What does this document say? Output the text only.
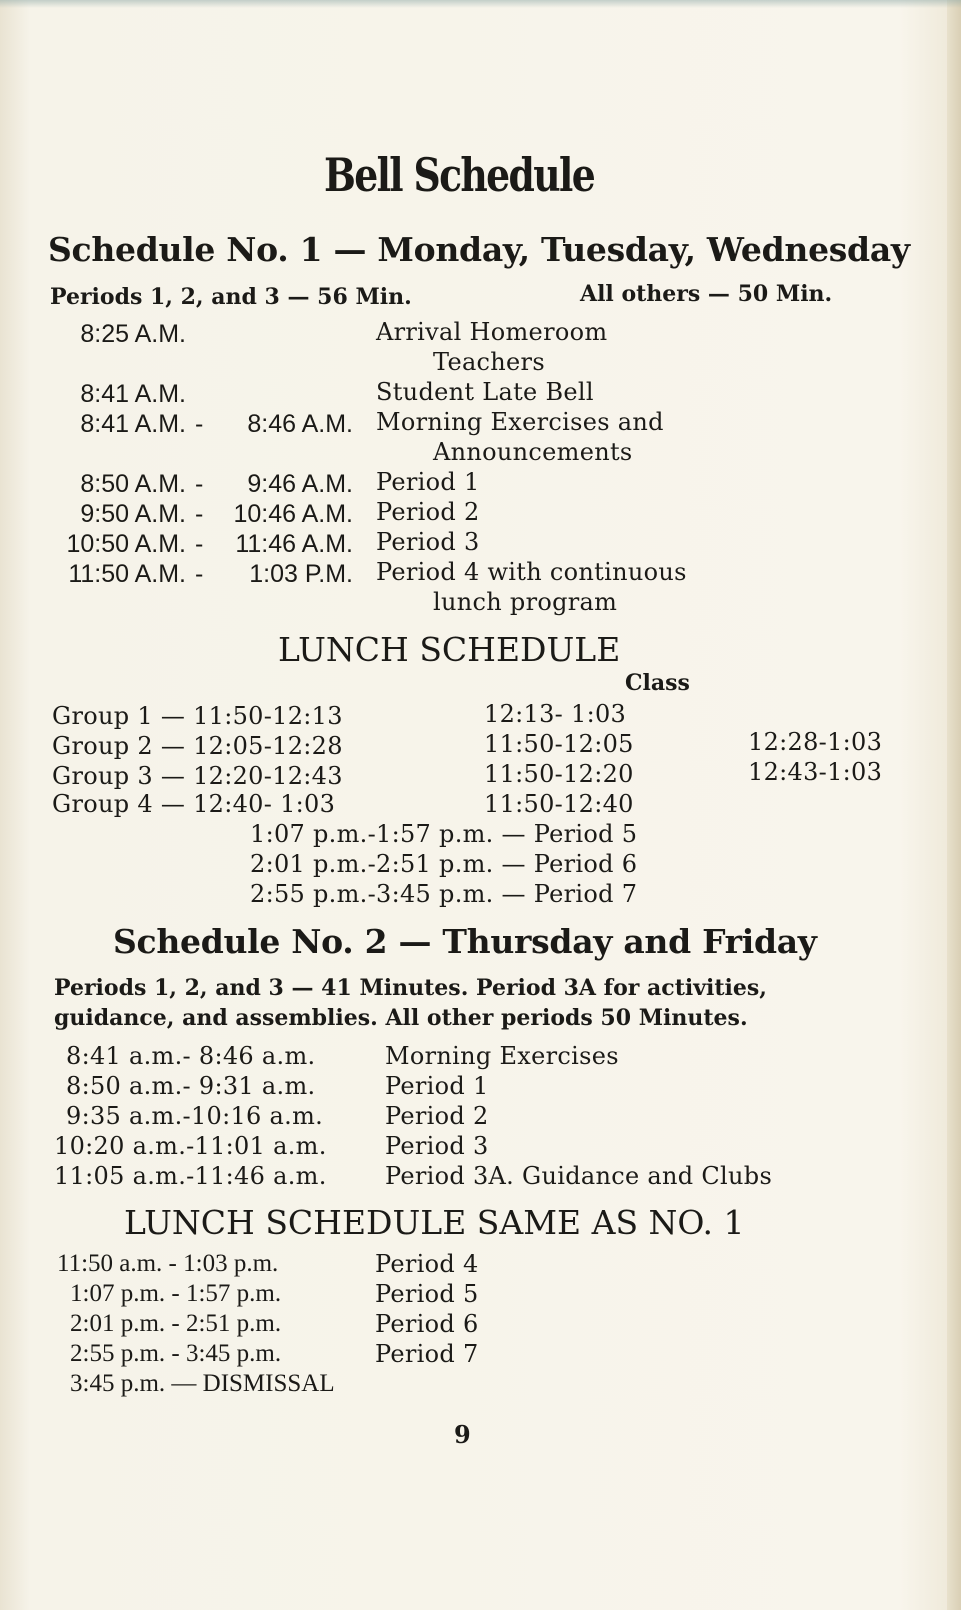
Bell Schedule
Schedule No. 1 — Monday, Tuesday, Wednesday
Periods 1, 2, and 3 — 56 Min.	All others — 50 Min.
8:25 A.M.	Arrival Homeroom
Teachers
8:41 A.M.	Student Late Bell
8:41 A.M. -	8:46 A.M. Morning Exercises and
Announcements
8:50 A.M. -	9:46 A.M. Period 1
9:50 A.M. -	10:46 A.M. Period 2
10:50 A.M. -	11:46 A.M. Period 3
11:50 A.M. -	1:03 P.M. Period 4 with continuous
lunch program
LUNCH SCHEDULE
Class
Group 1 — 11:50-12:13	12:13- 1:03
Group 2 — 12:05-12:28	11:50-12:05	12:28-1:03
Group 3 — 12:20-12:43	11:50-12:20	12:43-1:03
Group 4 — 12:40- 1:03	11:50-12:40
1:07 p.m.-1:57 p.m. — Period 5
2:01 p.m.-2:51 p.m. — Period 6
2:55 p.m.-3:45 p.m. — Period 7
Schedule No. 2 — Thursday and Friday
Periods 1, 2, and 3 — 41 Minutes. Period 3A for activities,
guidance, and assemblies. All other periods 50 Minutes.
8:41 a.m.- 8:46 a.m.	Morning Exercises
8:50 a.m.- 9:31 a.m.	Period 1
9:35 a.m.-10:16 a.m.	Period 2
10:20 a.m.-11:01 a.m. Period 3
11:05 a.m.-11:46 a.m. Period 3A. Guidance and Clubs
LUNCH SCHEDULE SAME AS NO. 1
11:50 a.m. - 1:03 p.m.	Period 4
1:07 p.m. - 1:57 p.m.	Period 5
2:01 p.m. - 2:51 p.m.	Period 6
2:55 p.m. - 3:45 p.m.	Period 7
3:45 p.m. — DISMISSAL
9
